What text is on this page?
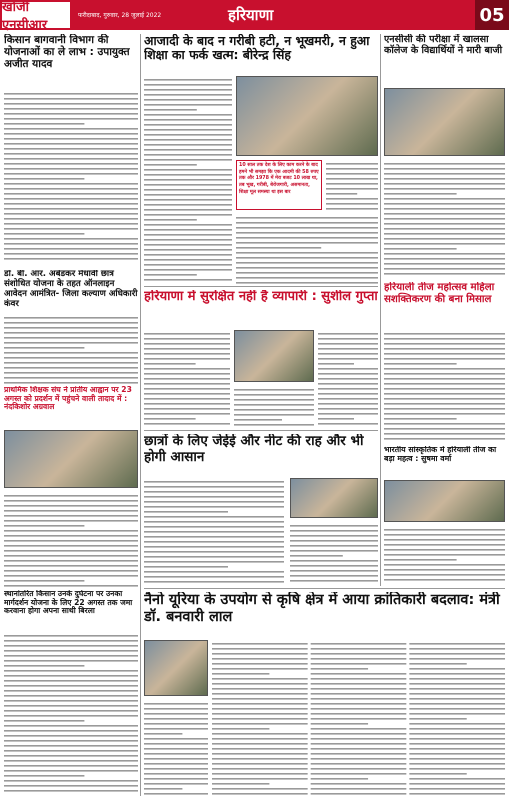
खोजी एनसीआर
फरीदाबाद, गुरुवार, 28 जुलाई 2022	हरियाणा	05
किसान बागवानी विभाग की योजनाओं का ले लाभ : उपायुक्त अजीत यादव
डॉ. बी. आर. अंबेडकर मेधावी छात्र संशोधित योजना के तहत ऑनलाइन आवेदन आमंत्रित- जिला कल्याण अधिकारी कंवर
प्राथमिक शिक्षक संघ ने प्रांतीय आह्वान पर 23 अगस्त को प्रदर्शन में पहुंचने वाली तादाद में : नंदकिशोर अग्रवाल
स्थानांतरित किसान उनके दुर्घटना पर उनका मार्गदर्शन योजना के लिए 22 अगस्त तक जमा करवाना होगा अपना साथी बिरला
आजादी के बाद न गरीबी हटी, न भूखमरी, न हुआ शिक्षा का फर्क खत्म: बीरेन्द्र सिंह
10 साल तक देश के लिए काम करने के बाद हमने भी समझा कि एक आदमी की 58 रुपए तक और 1978 में मेरा बजट 10 लाख था, तब भूख, गरीबी, बेरोजगारी, असमानता, शिक्षा मूल समस्या था इस बार
हरियाणा में सुरक्षित नहीं है व्यापारी : सुशील गुप्ता
छात्रों के लिए जेईई और नीट की राह और भी होगी आसान
एनसीसी की परीक्षा में खालसा कॉलेज के विद्यार्थियों ने मारी बाजी
हरियाली तीज महोत्सव महिला सशक्तिकरण की बना मिसाल
भारतीय सांस्कृतिक में हरियाली तीज का बड़ा महत्व : सुषमा वर्मा
नैनो यूरिया के उपयोग से कृषि क्षेत्र में आया क्रांतिकारी बदलाव: मंत्री डॉ. बनवारी लाल
